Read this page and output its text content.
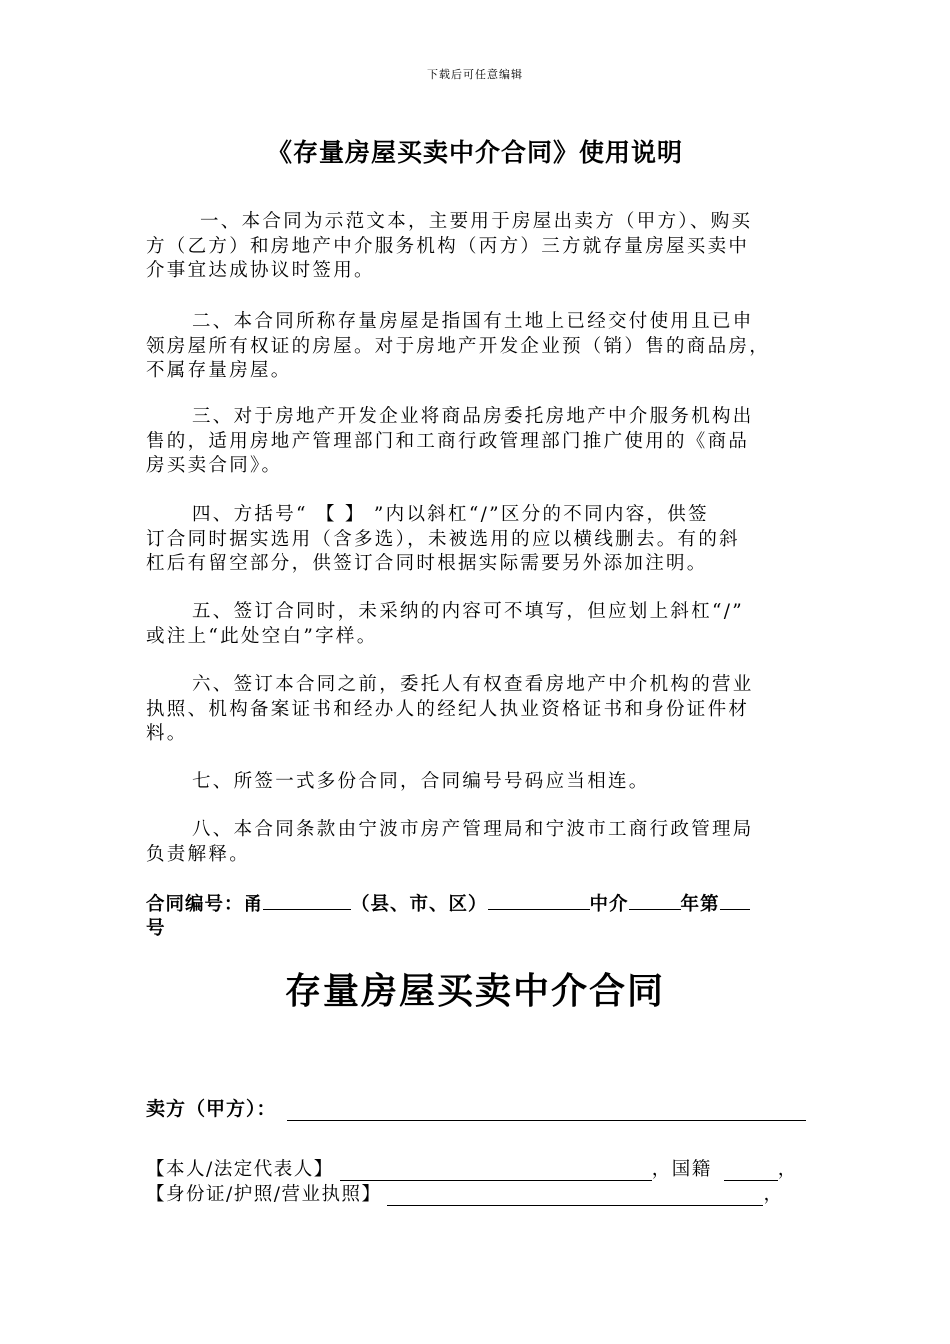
下载后可任意编辑
《存量房屋买卖中介合同》使用说明
一、本合同为示范文本，主要用于房屋出卖方（甲方）、购买
方（乙方）和房地产中介服务机构（丙方）三方就存量房屋买卖中
介事宜达成协议时签用。
二、本合同所称存量房屋是指国有土地上已经交付使用且已申
领房屋所有权证的房屋。对于房地产开发企业预（销）售的商品房，
不属存量房屋。
三、对于房地产开发企业将商品房委托房地产中介服务机构出
售的，适用房地产管理部门和工商行政管理部门推广使用的《商品
房买卖合同》。
四、方括号“ 【 】 ”内以斜杠“/”区分的不同内容，供签
订合同时据实选用（含多选），未被选用的应以横线删去。有的斜
杠后有留空部分，供签订合同时根据实际需要另外添加注明。
五、签订合同时，未采纳的内容可不填写，但应划上斜杠“/”
或注上“此处空白”字样。
六、签订本合同之前，委托人有权查看房地产中介机构的营业
执照、机构备案证书和经办人的经纪人执业资格证书和身份证件材
料。
七、所签一式多份合同，合同编号号码应当相连。
八、本合同条款由宁波市房产管理局和宁波市工商行政管理局
负责解释。
合同编号：甬	（县、市、区）	中介	年第
号
存量房屋买卖中介合同
卖方（甲方）：
【本人/法定代表人】	，国籍	，
【身份证/护照/营业执照】	，
